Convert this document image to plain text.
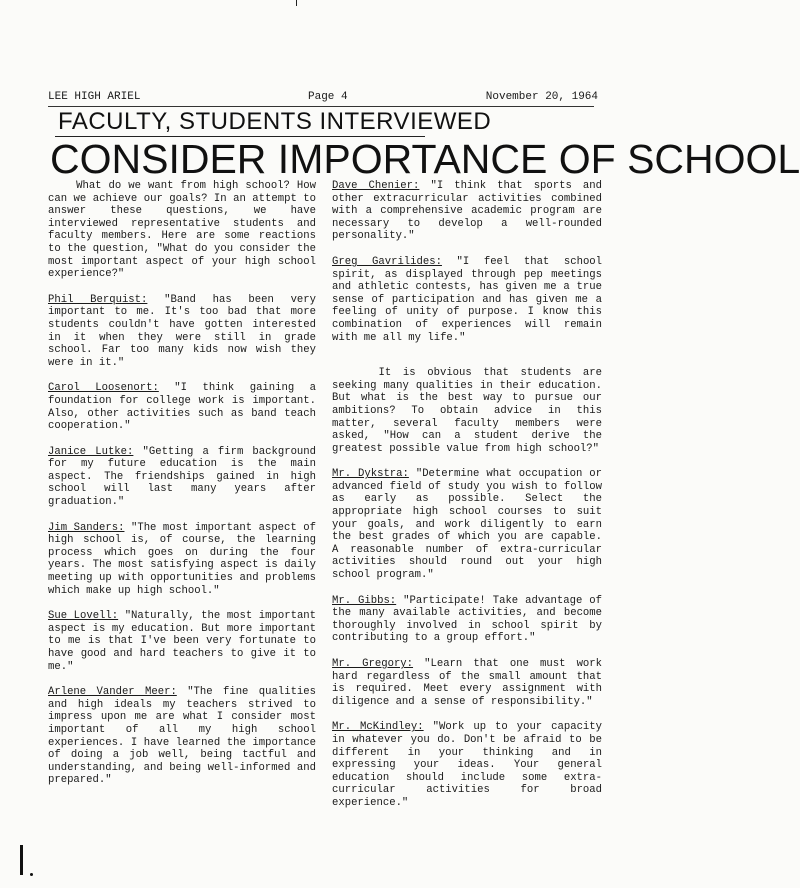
LEE HIGH ARIEL	Page 4	November 20, 1964
FACULTY, STUDENTS INTERVIEWED
CONSIDER IMPORTANCE OF SCHOOL

What do we want from high school? How can we achieve our goals? In an attempt to answer these questions, we have interviewed representative students and faculty members. Here are some reactions to the question, "What do you consider the most important aspect of your high school experience?"

Phil Berquist: "Band has been very important to me. It's too bad that more students couldn't have gotten interested in it when they were still in grade school. Far too many kids now wish they were in it."

Carol Loosenort: "I think gaining a foundation for college work is important. Also, other activities such as band teach cooperation."

Janice Lutke: "Getting a firm background for my future education is the main aspect. The friendships gained in high school will last many years after graduation."

Jim Sanders: "The most important aspect of high school is, of course, the learning process which goes on during the four years. The most satisfying aspect is daily meeting up with opportunities and problems which make up high school."

Sue Lovell: "Naturally, the most important aspect is my education. But more important to me is that I've been very fortunate to have good and hard teachers to give it to me."

Arlene Vander Meer: "The fine qualities and high ideals my teachers strived to impress upon me are what I consider most important of all my high school experiences. I have learned the importance of doing a job well, being tactful and understanding, and being well-informed and prepared."

Dave Chenier: "I think that sports and other extracurricular activities combined with a comprehensive academic program are necessary to develop a well-rounded personality."

Greg Gavrilides: "I feel that school spirit, as displayed through pep meetings and athletic contests, has given me a true sense of participation and has given me a feeling of unity of purpose. I know this combination of experiences will remain with me all my life."

It is obvious that students are seeking many qualities in their education. But what is the best way to pursue our ambitions? To obtain advice in this matter, several faculty members were asked, "How can a student derive the greatest possible value from high school?"

Mr. Dykstra: "Determine what occupation or advanced field of study you wish to follow as early as possible. Select the appropriate high school courses to suit your goals, and work diligently to earn the best grades of which you are capable. A reasonable number of extra-curricular activities should round out your high school program."

Mr. Gibbs: "Participate! Take advantage of the many available activities, and become thoroughly involved in school spirit by contributing to a group effort."

Mr. Gregory: "Learn that one must work hard regardless of the small amount that is required. Meet every assignment with diligence and a sense of responsibility."

Mr. McKindley: "Work up to your capacity in whatever you do. Don't be afraid to be different in your thinking and in expressing your ideas. Your general education should include some extra-curricular activities for broad experience."
